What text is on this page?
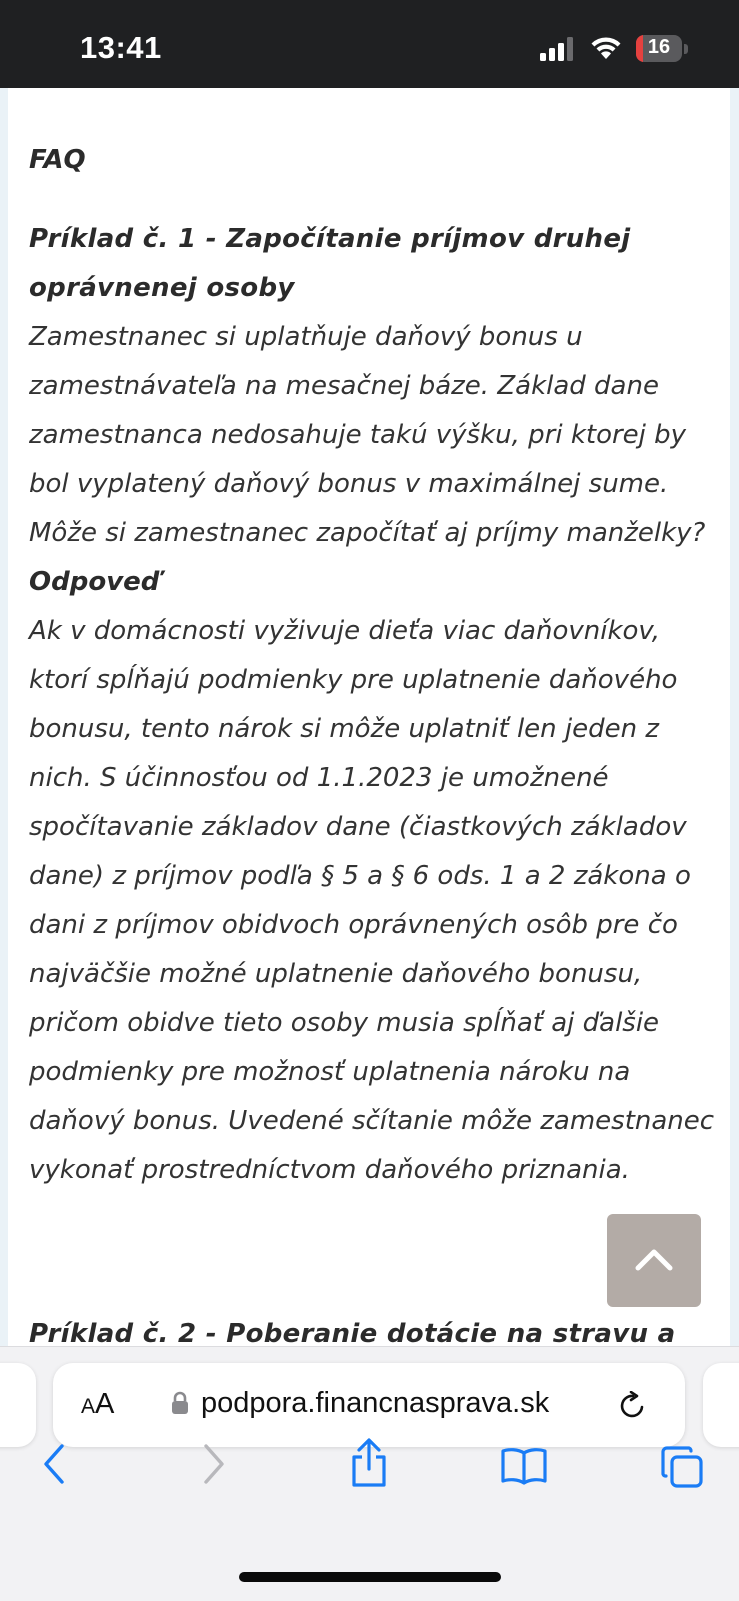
13:41	16

FAQ

Príklad č. 1 - Započítanie príjmov druhej oprávnenej osoby

Zamestnanec si uplatňuje daňový bonus u zamestnávateľa na mesačnej báze. Základ dane zamestnanca nedosahuje takú výšku, pri ktorej by bol vyplatený daňový bonus v maximálnej sume. Môže si zamestnanec započítať aj príjmy manželky?

Odpoveď

Ak v domácnosti vyživuje dieťa viac daňovníkov, ktorí spĺňajú podmienky pre uplatnenie daňového bonusu, tento nárok si môže uplatniť len jeden z nich. S účinnosťou od 1.1.2023 je umožnené spočítavanie základov dane (čiastkových základov dane) z príjmov podľa § 5 a § 6 ods. 1 a 2 zákona o dani z príjmov obidvoch oprávnených osôb pre čo najväčšie možné uplatnenie daňového bonusu, pričom obidve tieto osoby musia spĺňať aj ďalšie podmienky pre možnosť uplatnenia nároku na daňový bonus. Uvedené sčítanie môže zamestnanec vykonať prostredníctvom daňového priznania.

Príklad č. 2 - Poberanie dotácie na stravu a
AA	podpora.financnasprava.sk
